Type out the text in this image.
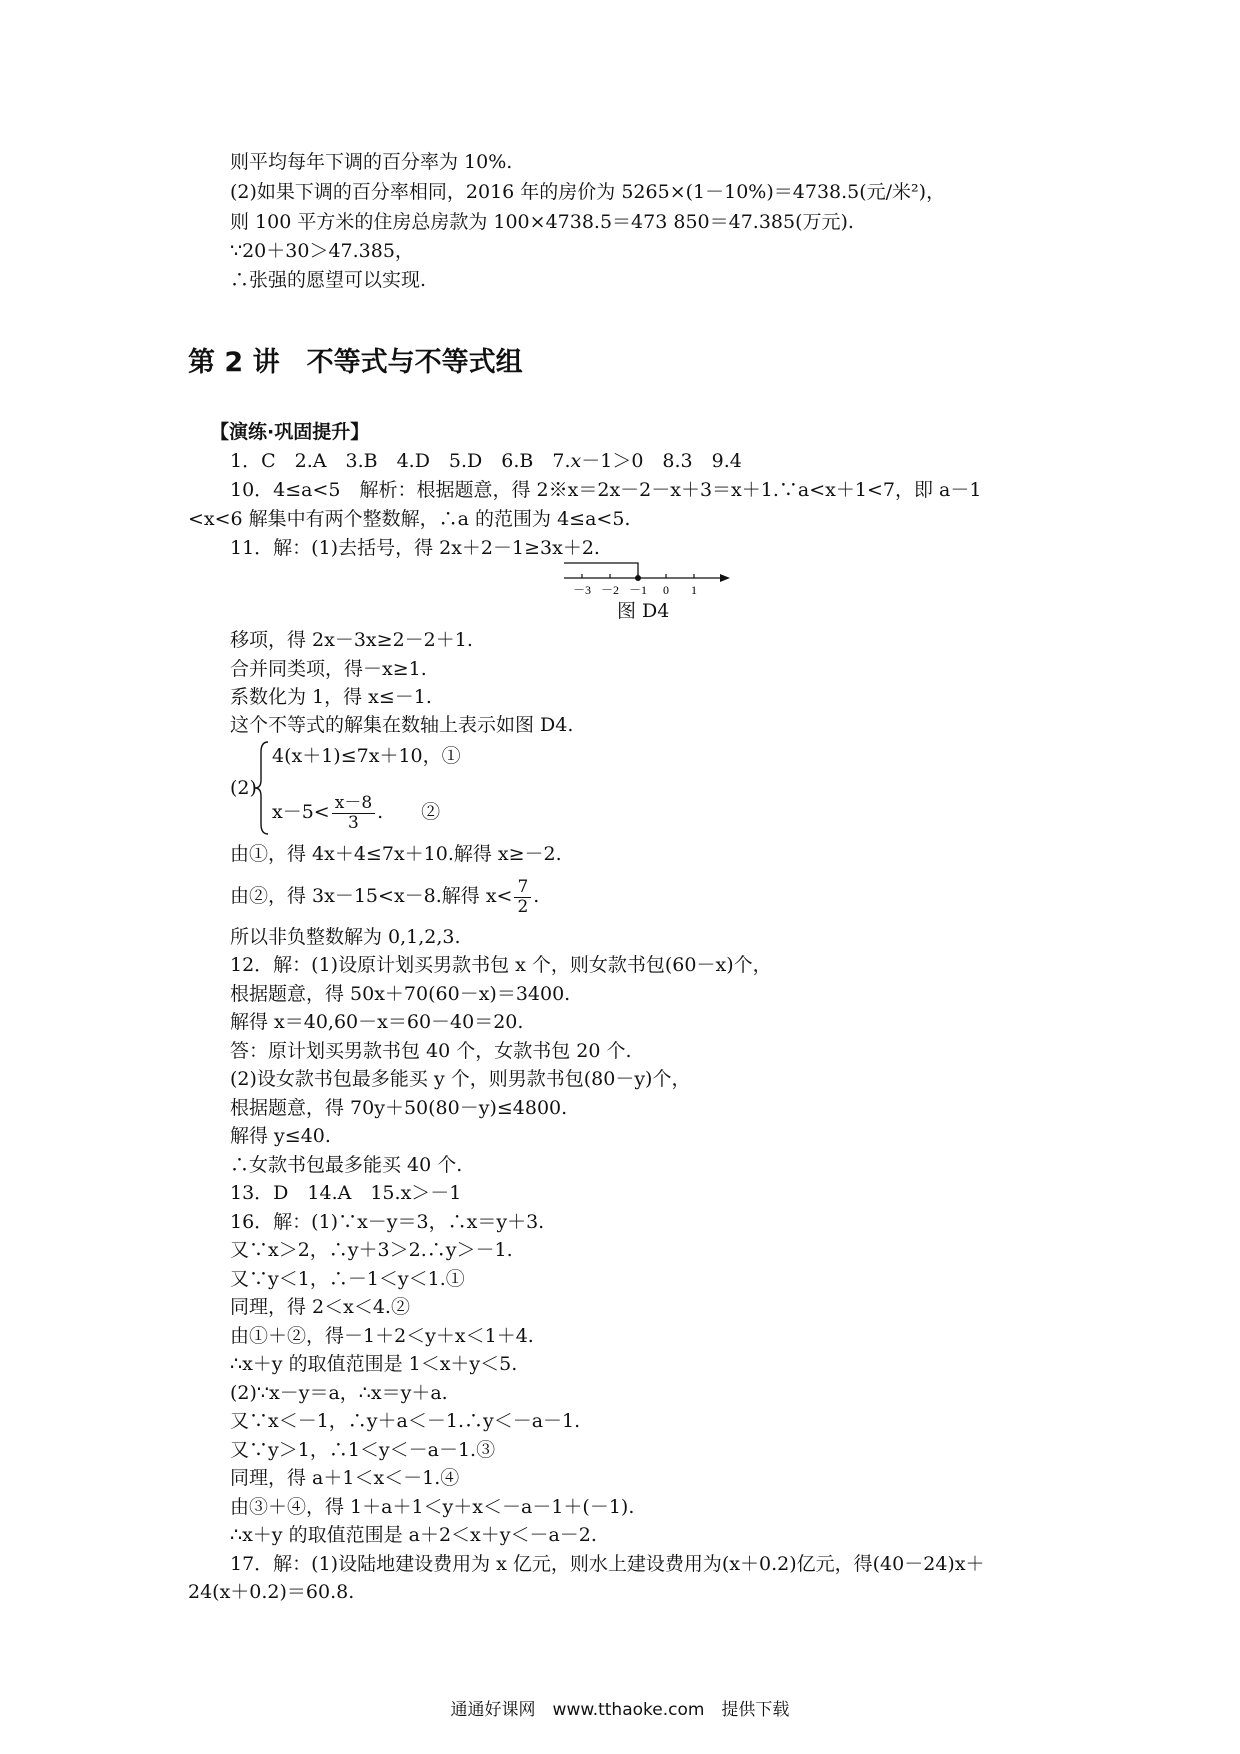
则平均每年下调的百分率为 10%.
(2)如果下调的百分率相同，2016 年的房价为 5265×(1－10%)＝4738.5(元/米²)，
则 100 平方米的住房总房款为 100×4738.5＝473 850＝47.385(万元).
∵20＋30＞47.385，
∴张强的愿望可以实现.
第 2 讲　不等式与不等式组
【演练·巩固提升】
1．C　2.A　3.B　4.D　5.D　6.B　7.x－1＞0　8.3　9.4
10．4≤a<5　解析：根据题意，得 2※x＝2x－2－x＋3＝x＋1.∵a<x＋1<7，即 a－1
<x<6 解集中有两个整数解，∴a 的范围为 4≤a<5.
11．解：(1)去括号，得 2x＋2－1≥3x＋2.
－3 －2 －1 0 1
图 D4
移项，得 2x－3x≥2－2＋1.
合并同类项，得－x≥1.
系数化为 1，得 x≤－1.
这个不等式的解集在数轴上表示如图 D4.
(2)
4(x＋1)≤7x＋10，①
$x-5< \frac{x-8}{3}$ .　　②
由①，得 4x＋4≤7x＋10.解得 x≥－2.
由②，得 3x－15<x－8.解得 $x< \frac{7}{2}$ .
所以非负整数解为 0,1,2,3.
12．解：(1)设原计划买男款书包 x 个，则女款书包(60－x)个，
根据题意，得 50x＋70(60－x)＝3400.
解得 x＝40,60－x＝60－40＝20.
答：原计划买男款书包 40 个，女款书包 20 个.
(2)设女款书包最多能买 y 个，则男款书包(80－y)个，
根据题意，得 70y＋50(80－y)≤4800.
解得 y≤40.
∴女款书包最多能买 40 个.
13．D　14.A　15.x＞－1
16．解：(1)∵x－y＝3，∴x＝y＋3.
又∵x＞2，∴y＋3＞2.∴y＞－1.
又∵y＜1，∴－1＜y＜1.①
同理，得 2＜x＜4.②
由①＋②，得－1＋2＜y＋x＜1＋4.
∴x＋y 的取值范围是 1＜x＋y＜5.
(2)∵x－y＝a，∴x＝y＋a.
又∵x＜－1，∴y＋a＜－1.∴y＜－a－1.
又∵y＞1，∴1＜y＜－a－1.③
同理，得 a＋1＜x＜－1.④
由③＋④，得 1＋a＋1＜y＋x＜－a－1＋(－1).
∴x＋y 的取值范围是 a＋2＜x＋y＜－a－2.
17．解：(1)设陆地建设费用为 x 亿元，则水上建设费用为(x＋0.2)亿元，得(40－24)x＋
24(x＋0.2)＝60.8.
通通好课网　www.tthaoke.com　提供下载
